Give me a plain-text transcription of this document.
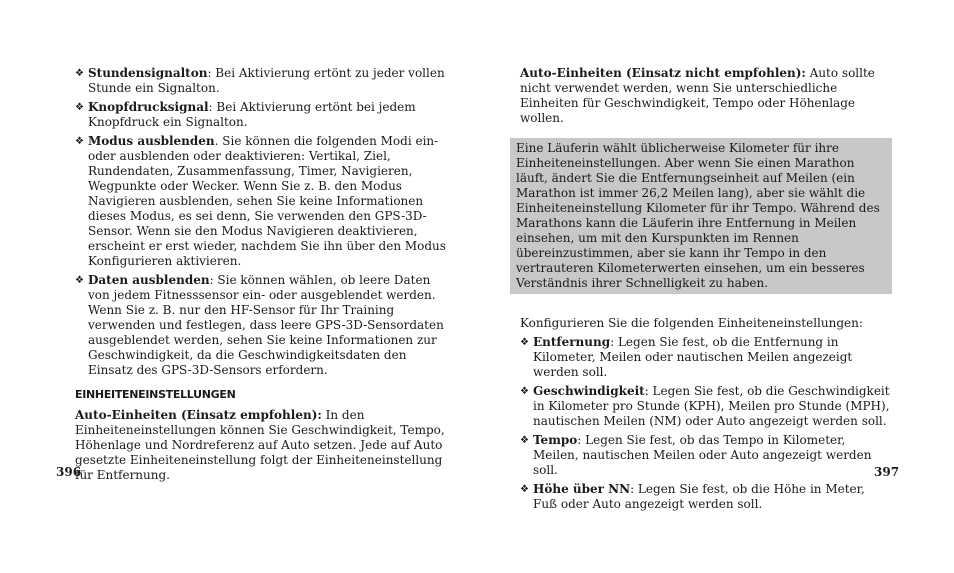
❖ Stundensignalton: Bei Aktivierung ertönt zu jeder vollen Stunde ein Signalton.
❖ Knopfdrucksignal: Bei Aktivierung ertönt bei jedem Knopfdruck ein Signalton.
❖ Modus ausblenden. Sie können die folgenden Modi ein- oder ausblenden oder deaktivieren: Vertikal, Ziel, Rundendaten, Zusammenfassung, Timer, Navigieren, Wegpunkte oder Wecker. Wenn Sie z. B. den Modus Navigieren ausblenden, sehen Sie keine Informationen dieses Modus, es sei denn, Sie verwenden den GPS-3D-Sensor. Wenn sie den Modus Navigieren deaktivieren, erscheint er erst wieder, nachdem Sie ihn über den Modus Konfigurieren aktivieren.
❖ Daten ausblenden: Sie können wählen, ob leere Daten von jedem Fitnesssensor ein- oder ausgeblendet werden. Wenn Sie z. B. nur den HF-Sensor für Ihr Training verwenden und festlegen, dass leere GPS-3D-Sensordaten ausgeblendet werden, sehen Sie keine Informationen zur Geschwindigkeit, da die Geschwindigkeitsdaten den Einsatz des GPS-3D-Sensors erfordern.
EINHEITENEINSTELLUNGEN

Auto-Einheiten (Einsatz empfohlen): In den Einheiteneinstellungen können Sie Geschwindigkeit, Tempo, Höhenlage und Nordreferenz auf Auto setzen. Jede auf Auto gesetzte Einheiteneinstellung folgt der Einheiteneinstellung für Entfernung.

396

Auto-Einheiten (Einsatz nicht empfohlen): Auto sollte nicht verwendet werden, wenn Sie unterschiedliche Einheiten für Geschwindigkeit, Tempo oder Höhenlage wollen.

Eine Läuferin wählt üblicherweise Kilometer für ihre Einheiteneinstellungen. Aber wenn Sie einen Marathon läuft, ändert Sie die Entfernungseinheit auf Meilen (ein Marathon ist immer 26,2 Meilen lang), aber sie wählt die Einheiteneinstellung Kilometer für ihr Tempo. Während des Marathons kann die Läuferin ihre Entfernung in Meilen einsehen, um mit den Kurspunkten im Rennen übereinzustimmen, aber sie kann ihr Tempo in den vertrauteren Kilometerwerten einsehen, um ein besseres Verständnis ihrer Schnelligkeit zu haben.

Konfigurieren Sie die folgenden Einheiteneinstellungen:

❖ Entfernung: Legen Sie fest, ob die Entfernung in Kilometer, Meilen oder nautischen Meilen angezeigt werden soll.
❖ Geschwindigkeit: Legen Sie fest, ob die Geschwindigkeit in Kilometer pro Stunde (KPH), Meilen pro Stunde (MPH), nautischen Meilen (NM) oder Auto angezeigt werden soll.
❖ Tempo: Legen Sie fest, ob das Tempo in Kilometer, Meilen, nautischen Meilen oder Auto angezeigt werden soll.
❖ Höhe über NN: Legen Sie fest, ob die Höhe in Meter, Fuß oder Auto angezeigt werden soll.
397
